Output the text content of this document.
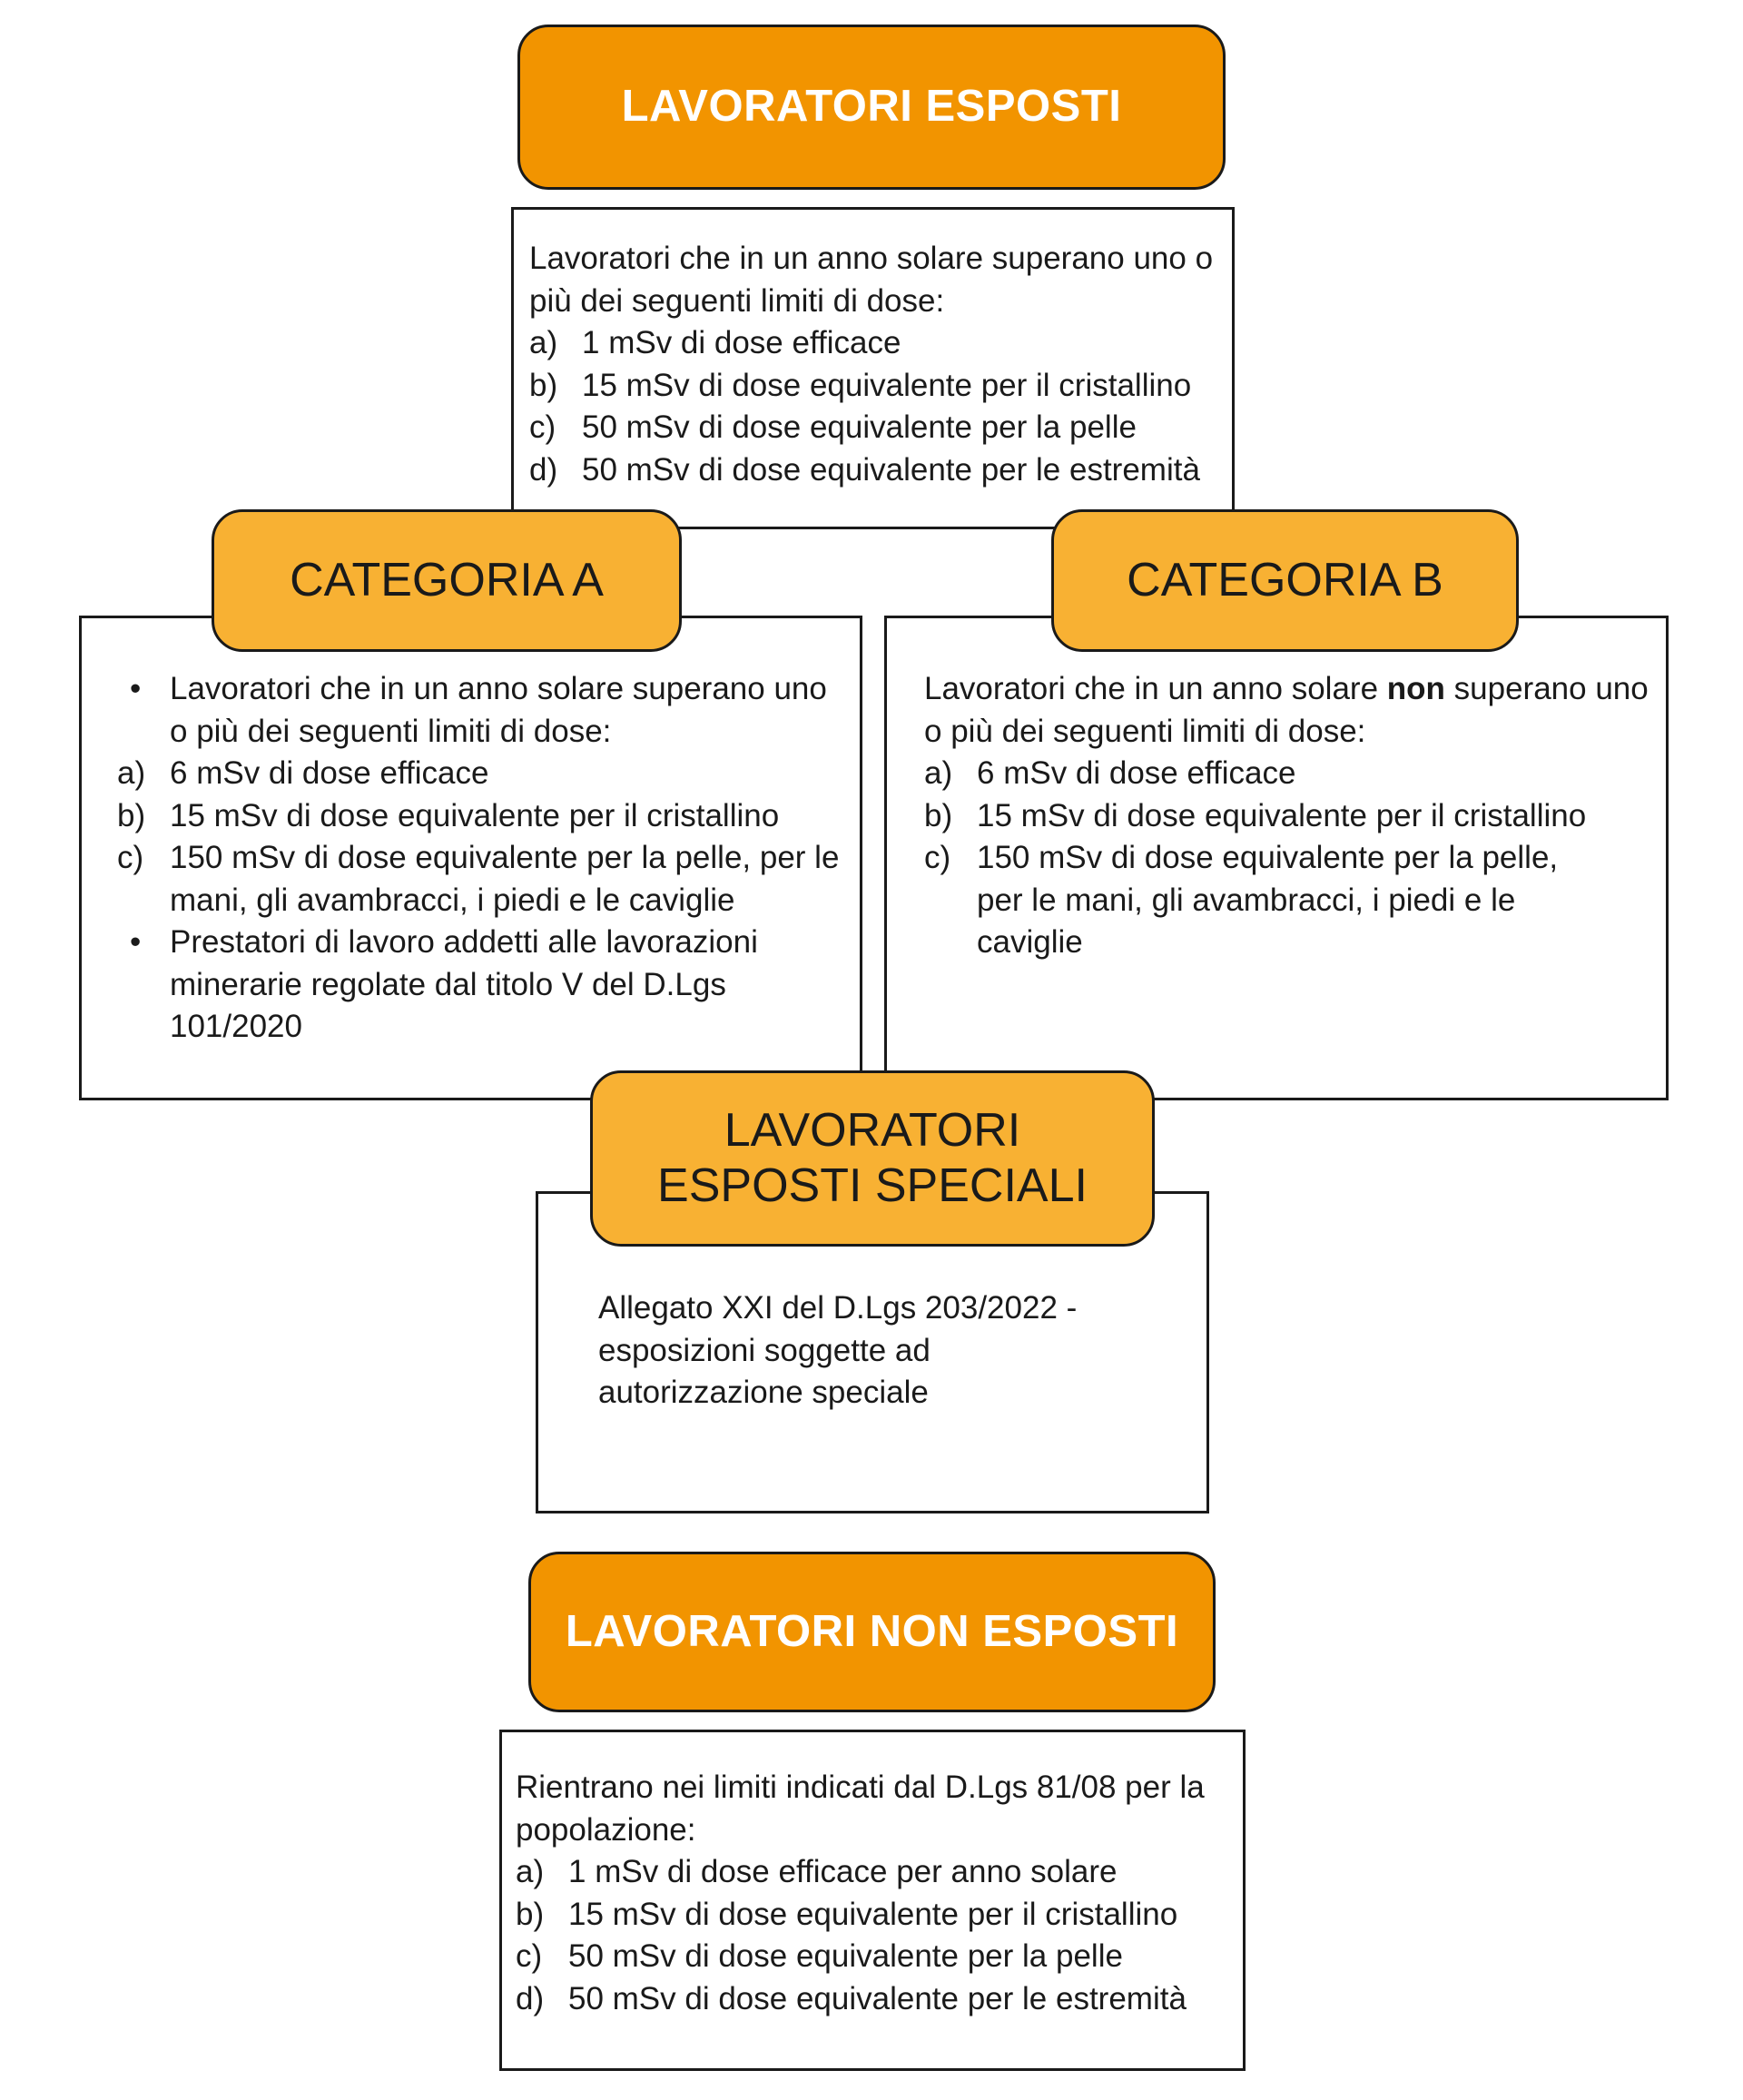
Lavoratori che in un anno solare superano uno o più dei seguenti limiti di dose:

a) 1 mSv di dose efficace
b) 15 mSv di dose equivalente per il cristallino
c) 50 mSv di dose equivalente per la pelle
d) 50 mSv di dose equivalente per le estremità
LAVORATORI ESPOSTI
• Lavoratori che in un anno solare superano uno o più dei seguenti limiti di dose:
a) 6 mSv di dose efficace
b) 15 mSv di dose equivalente per il cristallino
c) 150 mSv di dose equivalente per la pelle, per le mani, gli avambracci, i piedi e le caviglie
• Prestatori di lavoro addetti alle lavorazioni minerarie regolate dal titolo V del D.Lgs 101/2020
CATEGORIA A

Lavoratori che in un anno solare non superano uno o più dei seguenti limiti di dose:

a) 6 mSv di dose efficace
b) 15 mSv di dose equivalente per il cristallino
c) 150 mSv di dose equivalente per la pelle, per le mani, gli avambracci, i piedi e le caviglie
CATEGORIA B
Allegato XXI del D.Lgs 203/2022 - esposizioni soggette ad autorizzazione speciale
LAVORATORI ESPOSTI SPECIALI

Rientrano nei limiti indicati dal D.Lgs 81/08 per la popolazione:

a) 1 mSv di dose efficace per anno solare
b) 15 mSv di dose equivalente per il cristallino
c) 50 mSv di dose equivalente per la pelle
d) 50 mSv di dose equivalente per le estremità
LAVORATORI NON ESPOSTI
